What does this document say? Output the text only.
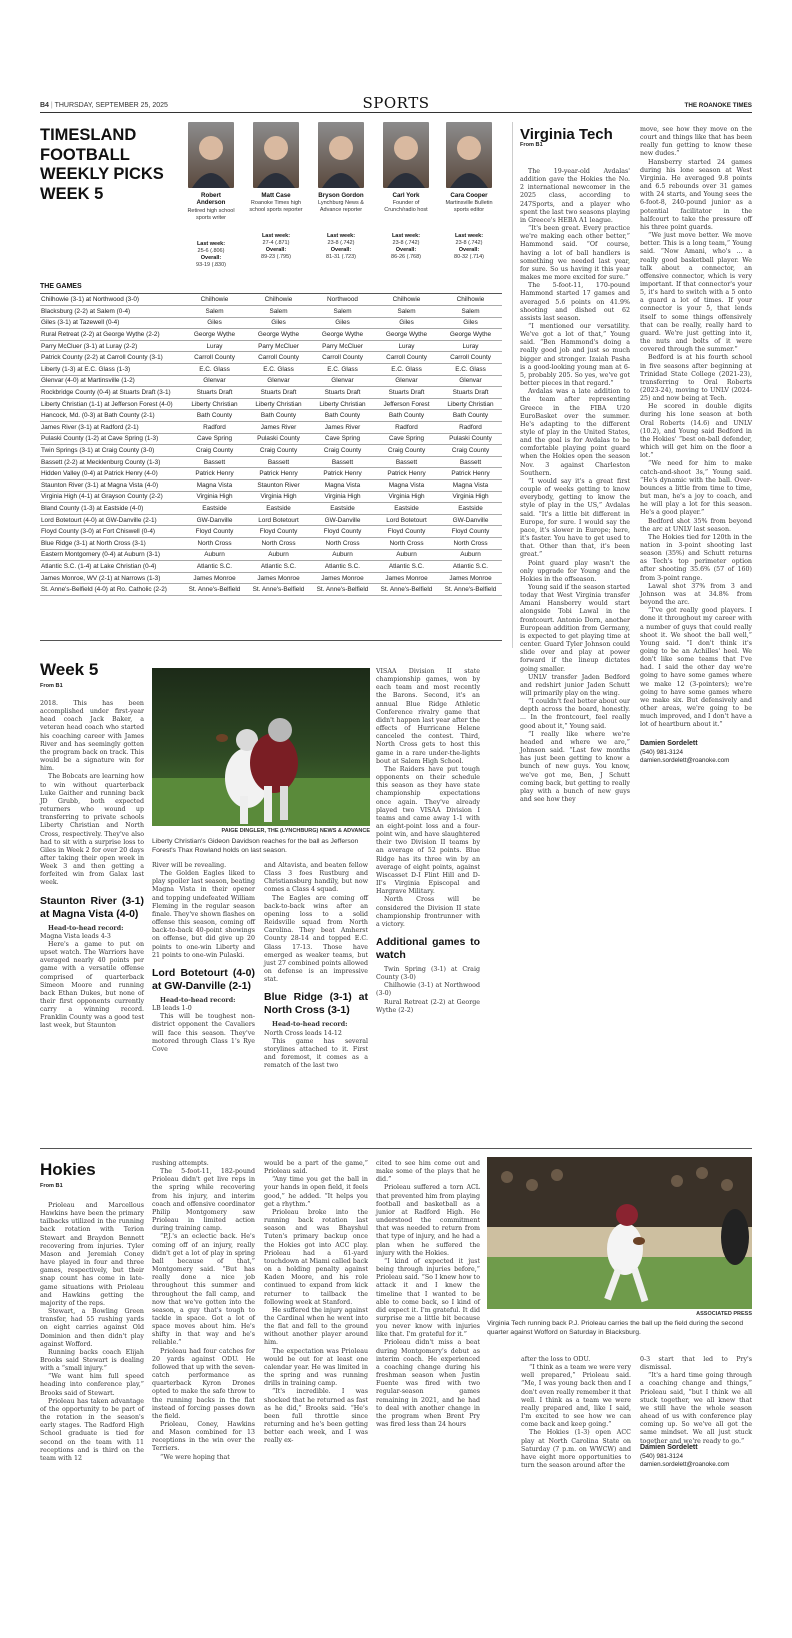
B4 | THURSDAY, SEPTEMBER 25, 2025	SPORTS	THE ROANOKE TIMES
TIMESLAND FOOTBALL WEEKLY PICKS WEEK 5	Robert Anderson
Retired high school sports writer
Last week:
25-6 (.806)
Overall:
93-19 (.830)
Matt Case
Roanoke Times high school sports reporter
Last week:
27-4 (.871)
Overall:
89-23 (.795)
Bryson Gordon
Lynchburg News & Advance reporter
Last week:
23-8 (.742)
Overall:
81-31 (.723)
Carl York
Founder of Crunch/radio host
Last week:
23-8 (.742)
Overall:
86-26 (.768)
Cara Cooper
Martinsville Bulletin sports editor
Last week:
23-8 (.742)
Overall:
80-32 (.714)
THE GAMES
Chilhowie (3-1) at Northwood (3-0)	Chilhowie	Chilhowie	Northwood	Chilhowie	Chilhowie
Blacksburg (2-2) at Salem (0-4)	Salem	Salem	Salem	Salem	Salem
Giles (3-1) at Tazewell (0-4)	Giles	Giles	Giles	Giles	Giles
Rural Retreat (2-2) at George Wythe (2-2)	George Wythe	George Wythe	George Wythe	George Wythe	George Wythe
Parry McCluer (3-1) at Luray (2-2)	Luray	Parry McCluer	Parry McCluer	Luray	Luray
Patrick County (2-2) at Carroll County (3-1)	Carroll County	Carroll County	Carroll County	Carroll County	Carroll County
Liberty (1-3) at E.C. Glass (1-3)	E.C. Glass	E.C. Glass	E.C. Glass	E.C. Glass	E.C. Glass
Glenvar (4-0) at Martinsville (1-2)	Glenvar	Glenvar	Glenvar	Glenvar	Glenvar
Rockbridge County (0-4) at Stuarts Draft (3-1)	Stuarts Draft	Stuarts Draft	Stuarts Draft	Stuarts Draft	Stuarts Draft
Liberty Christian (1-1) at Jefferson Forest (4-0)	Liberty Christian	Liberty Christian	Liberty Christian	Jefferson Forest	Liberty Christian
Hancock, Md. (0-3) at Bath County (2-1)	Bath County	Bath County	Bath County	Bath County	Bath County
James River (3-1) at Radford (2-1)	Radford	James River	James River	Radford	Radford
Pulaski County (1-2) at Cave Spring (1-3)	Cave Spring	Pulaski County	Cave Spring	Cave Spring	Pulaski County
Twin Springs (3-1) at Craig County (3-0)	Craig County	Craig County	Craig County	Craig County	Craig County
Bassett (2-2) at Mecklenburg County (1-3)	Bassett	Bassett	Bassett	Bassett	Bassett
Hidden Valley (0-4) at Patrick Henry (4-0)	Patrick Henry	Patrick Henry	Patrick Henry	Patrick Henry	Patrick Henry
Staunton River (3-1) at Magna Vista (4-0)	Magna Vista	Staunton River	Magna Vista	Magna Vista	Magna Vista
Virginia High (4-1) at Grayson County (2-2)	Virginia High	Virginia High	Virginia High	Virginia High	Virginia High
Bland County (1-3) at Eastside (4-0)	Eastside	Eastside	Eastside	Eastside	Eastside
Lord Botetourt (4-0) at GW-Danville (2-1)	GW-Danville	Lord Botetourt	GW-Danville	Lord Botetourt	GW-Danville
Floyd County (3-0) at Fort Chiswell (0-4)	Floyd County	Floyd County	Floyd County	Floyd County	Floyd County
Blue Ridge (3-1) at North Cross (3-1)	North Cross	North Cross	North Cross	North Cross	North Cross
Eastern Montgomery (0-4) at Auburn (3-1)	Auburn	Auburn	Auburn	Auburn	Auburn
Atlantic S.C. (1-4) at Lake Christian (0-4)	Atlantic S.C.	Atlantic S.C.	Atlantic S.C.	Atlantic S.C.	Atlantic S.C.
James Monroe, WV (2-1) at Narrows (1-3)	James Monroe	James Monroe	James Monroe	James Monroe	James Monroe
St. Anne's-Belfield (4-0) at Ro. Catholic (2-2)	St. Anne's-Belfield	St. Anne's-Belfield	St. Anne's-Belfield	St. Anne's-Belfield	St. Anne's-Belfield
Virginia Tech
From B1

The 19-year-old Avdalas' addition gave the Hokies the No. 2 international newcomer in the 2025 class, according to 247Sports, and a player who spent the last two seasons playing in Greece's HEBA A1 league.

“It's been great. Every practice we're making each other better,” Hammond said. “Of course, having a lot of ball handlers is something we needed last year, for sure. So us having it this year makes me more excited for sure.”

The 5-foot-11, 170-pound Hammond started 17 games and averaged 5.6 points on 41.9% shooting and dished out 62 assists last season.

“I mentioned our versatility. We've got a lot of that,” Young said. “Ben Hammond's doing a really good job and just so much bigger and stronger. Izaiah Pasha is a good-looking young man at 6-5, probably 205. So yes, we've got better pieces in that regard.”

Avdalas was a late addition to the team after representing Greece in the FIBA U20 EuroBasket over the summer. He's adapting to the different style of play in the United States, and the goal is for Avdalas to be comfortable playing point guard when the Hokies open the season Nov. 3 against Charleston Southern.

“I would say it's a great first couple of weeks getting to know everybody, getting to know the style of play in the US,” Avdalas said. “It's a little bit different in Europe, for sure. I would say the pace, it's slower in Europe; here, it's faster. You have to get used to that. Other than that, it's been great.”

Point guard play wasn't the only upgrade for Young and the Hokies in the offseason.

Young said if the season started today that West Virginia transfer Amani Hansberry would start alongside Tobi Lawal in the frontcourt. Antonio Dorn, another European addition from Germany, is expected to get playing time at center. Guard Tyler Johnson could slide over and play at power forward if the lineup dictates going smaller.

UNLV transfer Jaden Bedford and redshirt junior Jaden Schutt will primarily play on the wing.

“I couldn't feel better about our depth across the board, honestly. ... In the frontcourt, feel really good about it,” Young said.

“I really like where we're headed and where we are,” Johnson said. “Last few months has just been getting to know a bunch of new guys. You know, we've got me, Ben, J Schutt coming back, but getting to really play with a bunch of new guys and see how they

move, see how they move on the court and things like that has been really fun getting to know these new dudes.”

Hansberry started 24 games during his lone season at West Virginia. He averaged 9.8 points and 6.5 rebounds over 31 games with 24 starts, and Young sees the 6-foot-8, 240-pound junior as a potential facilitator in the halfcourt to take the pressure off his three point guards.

“We just move better. We move better. This is a long team,” Young said. “Now Amani, who's ... a really good basketball player. We talk about a connector, an offensive connector, which is very important. If that connector's your 5, it's hard to switch with a 5 onto a guard a lot of times. If your connector is your 5, that lends itself to some things offensively that can be really, really hard to guard. We're just getting into it, the nuts and bolts of it were covered through the summer.”

Bedford is at his fourth school in five seasons after beginning at Trinidad State College (2021-23), transferring to Oral Roberts (2023-24), moving to UNLV (2024-25) and now being at Tech.

He scored in double digits during his lone season at both Oral Roberts (14.6) and UNLV (10.2), and Young said Bedford in the Hokies' “best on-ball defender, which will get him on the floor a lot.”

“We need for him to make catch-and-shoot 3s,” Young said. “He's dynamic with the ball. Over-bounces a little from time to time, but man, he's a joy to coach, and he will play a lot for this season. He's a good player.”

Bedford shot 35% from beyond the arc at UNLV last season.

The Hokies tied for 120th in the nation in 3-point shooting last season (35%) and Schutt returns as Tech's top perimeter option after shooting 35.6% (57 of 160) from 3-point range.

Lawal shot 37% from 3 and Johnson was at 34.8% from beyond the arc.

“I've got really good players. I done it throughout my career with a number of guys that could really shoot it. We shoot the ball well,” Young said. “I don't think it's going to be an Achilles' heel. We don't like some teams that I've had. I said the other day we're going to have some games where we make 12 (3-pointers); we're going to have some games where we make six. But defensively and other areas, we're going to be much improved, and I don't have a lot of heartburn about it.”

Damien Sordelett
(540) 981-3124
damien.sordelett@roanoke.com
Week 5
From B1

2018. This has been accomplished under first-year head coach Jack Baker, a veteran head coach who started his coaching career with James River and has seemingly gotten the program back on track. This would be a signature win for him.

The Bobcats are learning how to win without quarterback Luke Gaither and running back JD Grubb, both expected returners who wound up transferring to private schools Liberty Christian and North Cross, respectively. They've also had to sit with a surprise loss to Giles in Week 2 for over 20 days after taking their open week in Week 3 and then getting a forfeited win from Galax last week.

Staunton River (3-1) at Magna Vista (4-0)

Head-to-head record:

Magna Vista leads 4-3

Here's a game to put on upset watch. The Warriors have averaged nearly 40 points per game with a versatile offense comprised of quarterback Simeon Moore and running back Ethan Dukes, but none of their first opponents currently carry a winning record. Franklin County was a good test last week, but Staunton

PAIGE DINGLER, THE (LYNCHBURG) NEWS & ADVANCE
Liberty Christian's Gideon Davidson reaches for the ball as Jefferson Forest's Thax Rowland holds on last season.

River will be revealing.

The Golden Eagles liked to play spoiler last season, beating Magna Vista in their opener and topping undefeated William Fleming in the regular season finale. They've shown flashes on offense this season, coming off back-to-back 40-point showings on offense, but did give up 20 points to one-win Liberty and 21 points to one-win Pulaski.

Lord Botetourt (4-0) at GW-Danville (2-1)

Head-to-head record:

LB leads 1-0

This will be toughest non-district opponent the Cavaliers will face this season. They've motored through Class 1's Rye Cove

and Altavista, and beaten fellow Class 3 foes Rustburg and Christiansburg handily, but now comes a Class 4 squad.

The Eagles are coming off back-to-back wins after an opening loss to a solid Reidsville squad from North Carolina. They beat Amherst County 28-14 and topped E.C. Glass 17-13. Those have emerged as weaker teams, but just 27 combined points allowed on defense is an impressive stat.

Blue Ridge (3-1) at North Cross (3-1)

Head-to-head record:

North Cross leads 14-12

This game has several storylines attached to it. First and foremost, it comes as a rematch of the last two

VISAA Division II state championship games, won by each team and most recently the Barons. Second, it's an annual Blue Ridge Athletic Conference rivalry game that didn't happen last year after the effects of Hurricane Helene canceled the contest. Third, North Cross gets to host this game in a rare under-the-lights bout at Salem High School.

The Raiders have put tough opponents on their schedule this season as they have state championship expectations once again. They've already played two VISAA Division I teams and came away 1-1 with an eight-point loss and a four-point win, and have slaughtered their two Division II teams by an average of 52 points. Blue Ridge has its three win by an average of eight points, against Wiscasset D-I Flint Hill and D-II's Virginia Episcopal and Hargrave Military.

North Cross will be considered the Division II state championship frontrunner with a victory.

Additional games to watch

Twin Spring (3-1) at Craig County (3-0)

Chilhowie (3-1) at Northwood (3-0)

Rural Retreat (2-2) at George Wythe (2-2)

Hokies
From B1

Prioleau and Marcellous Hawkins have been the primary tailbacks utilized in the running back rotation with Terion Stewart and Braydon Bennett recovering from injuries. Tyler Mason and Jeremiah Coney have played in four and three games, respectively, but their snap count has come in late-game situations with Prioleau and Hawkins getting the majority of the reps.

Stewart, a Bowling Green transfer, had 55 rushing yards on eight carries against Old Dominion and then didn't play against Wofford.

Running backs coach Elijah Brooks said Stewart is dealing with a “small injury.”

“We want him full speed heading into conference play,” Brooks said of Stewart.

Prioleau has taken advantage of the opportunity to be part of the rotation in the season's early stages. The Radford High School graduate is tied for second on the team with 11 receptions and is third on the team with 12

rushing attempts.

The 5-foot-11, 182-pound Prioleau didn't get live reps in the spring while recovering from his injury, and interim coach and offensive coordinator Philip Montgomery saw Prioleau in limited action during training camp.

“P.J.'s an eclectic back. He's coming off of an injury, really didn't get a lot of play in spring ball because of that,” Montgomery said. “But has really done a nice job throughout this summer and throughout the fall camp, and now that we've gotten into the season, a guy that's tough to tackle in space. Got a lot of space moves about him. He's shifty in that way and he's reliable.”

Prioleau had four catches for 20 yards against ODU. He followed that up with the seven-catch performance as quarterback Kyron Drones opted to make the safe throw to the running backs in the flat instead of forcing passes down the field.

Prioleau, Coney, Hawkins and Mason combined for 13 receptions in the win over the Terriers.

“We were hoping that

would be a part of the game,” Prioleau said.

“Any time you get the ball in your hands in open field, it feels good,” he added. “It helps you get a rhythm.”

Prioleau broke into the running back rotation last season and was Bhayshul Tuten's primary backup once the Hokies got into ACC play. Prioleau had a 61-yard touchdown at Miami called back on a holding penalty against Kaden Moore, and his role continued to expand from kick returner to tailback the following week at Stanford.

He suffered the injury against the Cardinal when he went into the flat and fell to the ground without another player around him.

The expectation was Prioleau would be out for at least one calendar year. He was limited in the spring and was running drills in training camp.

“It's incredible. I was shocked that he returned as fast as he did,” Brooks said. “He's been full throttle since returning and he's been getting better each week, and I was really ex-

cited to see him come out and make some of the plays that he did.”

Prioleau suffered a torn ACL that prevented him from playing football and basketball as a junior at Radford High. He understood the commitment that was needed to return from that type of injury, and he had a plan when he suffered the injury with the Hokies.

“I kind of expected it just being through injuries before,” Prioleau said. “So I knew how to attack it and I knew the timeline that I wanted to be able to come back, so I kind of did expect it. I'm grateful. It did surprise me a little bit because you never know with injuries like that. I'm grateful for it.”

Prioleau didn't miss a beat during Montgomery's debut as interim coach. He experienced a coaching change during his freshman season when Justin Fuente was fired with two regular-season games remaining in 2021, and he had to deal with another change in the program when Brent Pry was fired less than 24 hours

ASSOCIATED PRESS
Virginia Tech running back P.J. Prioleau carries the ball up the field during the second quarter against Wofford on Saturday in Blacksburg.

after the loss to ODU.

“I think as a team we were very well prepared,” Prioleau said. “Me, I was young back then and I don't even really remember it that well. I think as a team we were really prepared and, like I said, I'm excited to see how we can come back and keep going.”

The Hokies (1-3) open ACC play at North Carolina State on Saturday (7 p.m. on WWCW) and have eight more opportunities to turn the season around after the

0-3 start that led to Pry's dismissal.

“It's a hard time going through a coaching change and things,” Prioleau said, “but I think we all stuck together, we all knew that we still have the whole season ahead of us with conference play coming up. So we've all got the same mindset. We all just stuck together and we're ready to go.”

Damien Sordelett
(540) 981-3124
damien.sordelett@roanoke.com
